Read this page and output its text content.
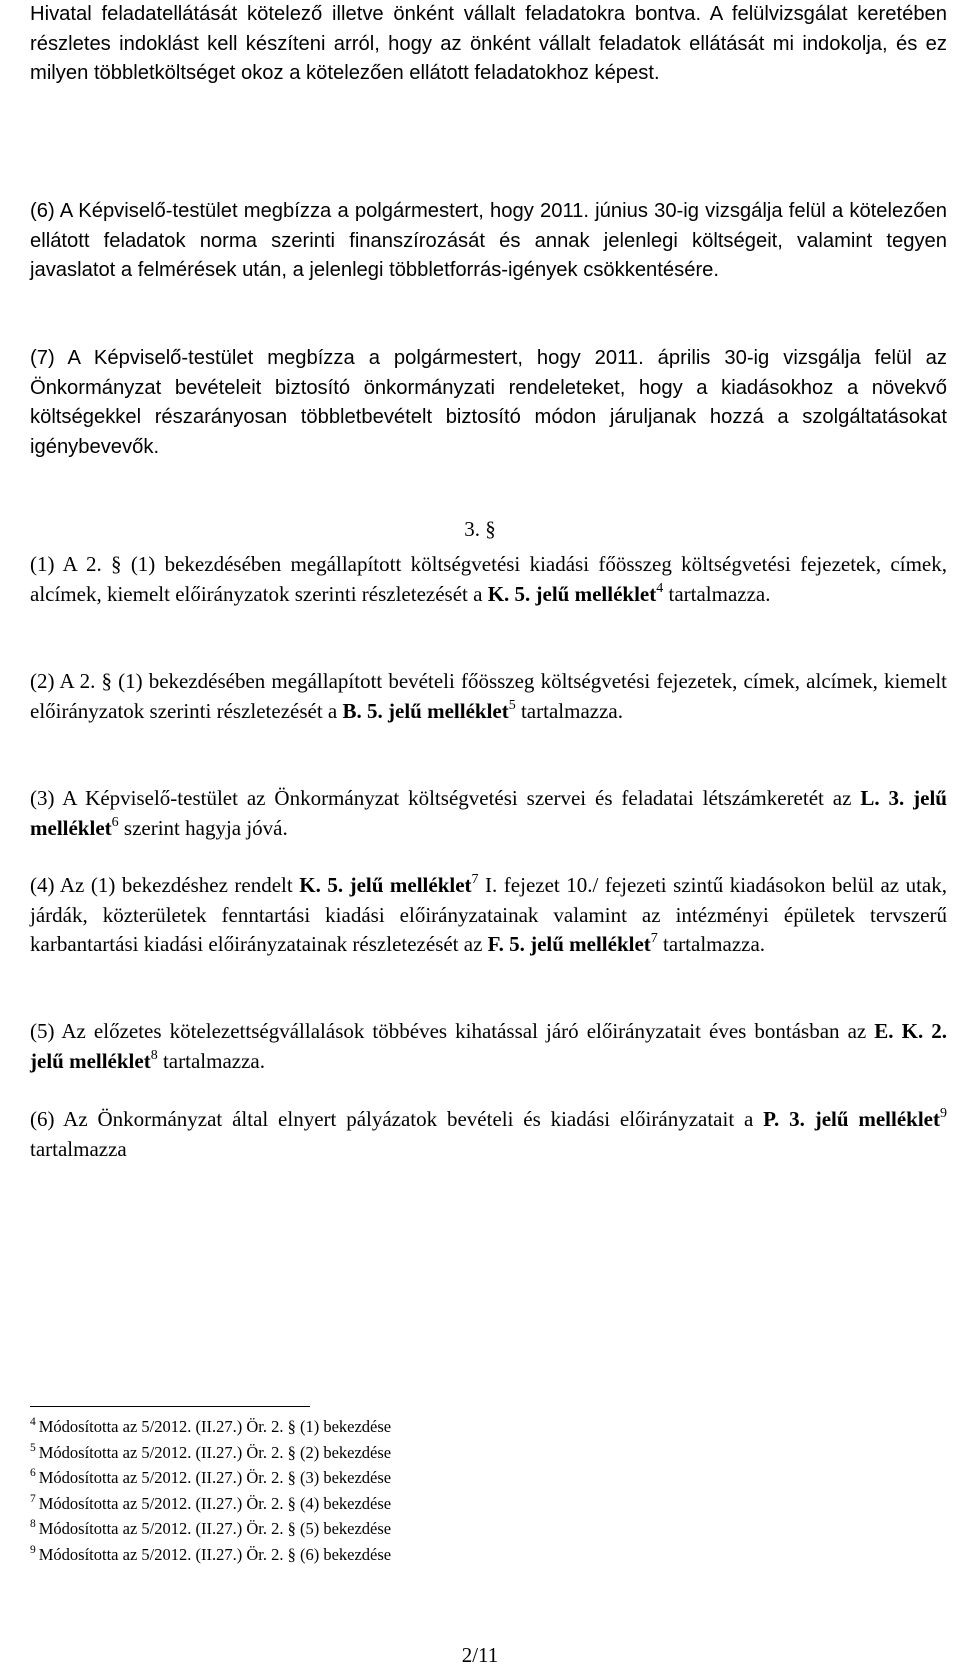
Hivatal feladatellátását kötelező illetve önként vállalt feladatokra bontva. A felülvizsgálat keretében részletes indoklást kell készíteni arról, hogy az önként vállalt feladatok ellátását mi indokolja, és ez milyen többletköltséget okoz a kötelezően ellátott feladatokhoz képest.

(6) A Képviselő-testület megbízza a polgármestert, hogy 2011. június 30-ig vizsgálja felül a kötelezően ellátott feladatok norma szerinti finanszírozását és annak jelenlegi költségeit, valamint tegyen javaslatot a felmérések után, a jelenlegi többletforrás-igények csökkentésére.

(7) A Képviselő-testület megbízza a polgármestert, hogy 2011. április 30-ig vizsgálja felül az Önkormányzat bevételeit biztosító önkormányzati rendeleteket, hogy a kiadásokhoz a növekvő költségekkel részarányosan többletbevételt biztosító módon járuljanak hozzá a szolgáltatásokat igénybevevők.

3. §

(1) A 2. § (1) bekezdésében megállapított költségvetési kiadási főösszeg költségvetési fejezetek, címek, alcímek, kiemelt előirányzatok szerinti részletezését a K. 5. jelű melléklet$^4$ tartalmazza.

(2) A 2. § (1) bekezdésében megállapított bevételi főösszeg költségvetési fejezetek, címek, alcímek, kiemelt előirányzatok szerinti részletezését a B. 5. jelű melléklet$^5$ tartalmazza.

(3) A Képviselő-testület az Önkormányzat költségvetési szervei és feladatai létszámkeretét az L. 3. jelű melléklet$^6$ szerint hagyja jóvá.

(4) Az (1) bekezdéshez rendelt K. 5. jelű melléklet$^7$ I. fejezet 10./ fejezeti szintű kiadásokon belül az utak, járdák, közterületek fenntartási kiadási előirányzatainak valamint az intézményi épületek tervszerű karbantartási kiadási előirányzatainak részletezését az F. 5. jelű melléklet$^7$ tartalmazza.

(5) Az előzetes kötelezettségvállalások többéves kihatással járó előirányzatait éves bontásban az E. K. 2. jelű melléklet$^8$ tartalmazza.

(6) Az Önkormányzat által elnyert pályázatok bevételi és kiadási előirányzatait a P. 3. jelű melléklet$^9$ tartalmazza

$^4$ Módosította az 5/2012. (II.27.) Ör. 2. § (1) bekezdése
$^5$ Módosította az 5/2012. (II.27.) Ör. 2. § (2) bekezdése
$^6$ Módosította az 5/2012. (II.27.) Ör. 2. § (3) bekezdése
$^7$ Módosította az 5/2012. (II.27.) Ör. 2. § (4) bekezdése
$^8$ Módosította az 5/2012. (II.27.) Ör. 2. § (5) bekezdése
$^9$ Módosította az 5/2012. (II.27.) Ör. 2. § (6) bekezdése
2/11
